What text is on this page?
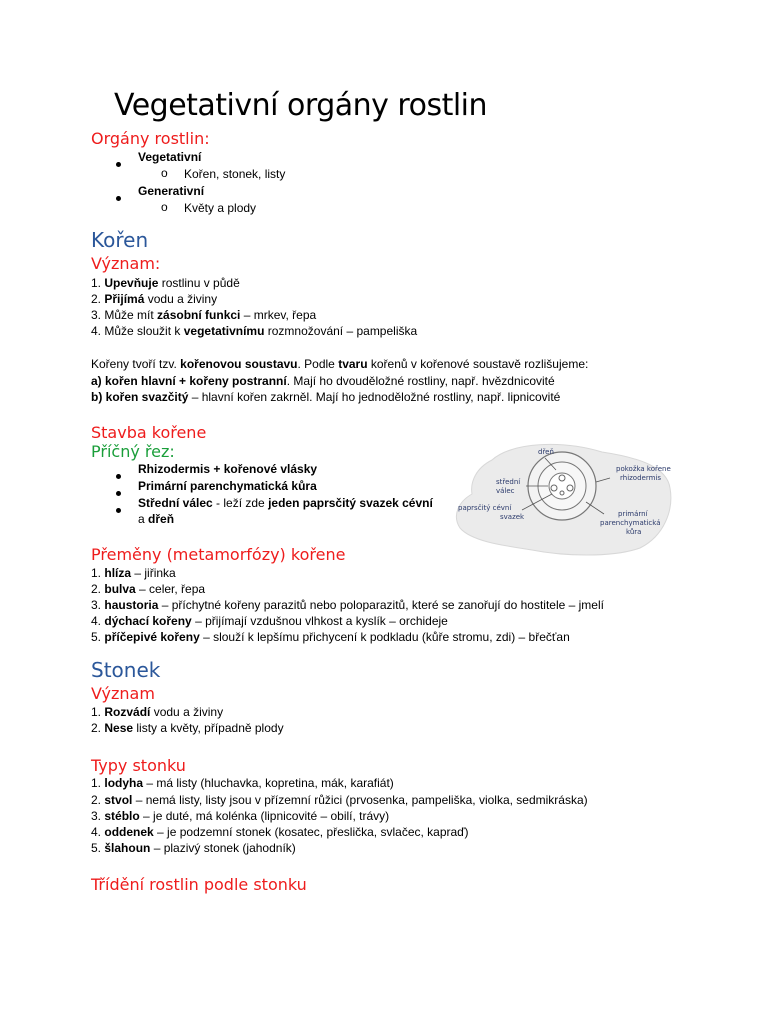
Vegetativní orgány rostlin
Orgány rostlin:
Vegetativní
o Kořen, stonek, listy
Generativní
o Květy a plody
Kořen
Význam:
1. Upevňuje rostlinu v půdě
2. Přijímá vodu a živiny
3. Může mít zásobní funkci – mrkev, řepa
4. Může sloužit k vegetativnímu rozmnožování – pampeliška
Kořeny tvoří tzv. kořenovou soustavu. Podle tvaru kořenů v kořenové soustavě rozlišujeme:
a) kořen hlavní + kořeny postranní. Mají ho dvouděložné rostliny, např. hvězdnicovité
b) kořen svazčitý – hlavní kořen zakrněl. Mají ho jednoděložné rostliny, např. lipnicovité
Stavba kořene
Příčný řez:
Rhizodermis + kořenové vlásky
Primární parenchymatická kůra
Střední válec - leží zde jeden paprsčitý svazek cévní
a dřeň
dřeň
pokožka kořene
rhizodermis
střední
válec
paprsčitý cévní
svazek	primární
parenchymatická
kůra
Přeměny (metamorfózy) kořene
1. hlíza – jiřinka
2. bulva – celer, řepa
3. haustoria – příchytné kořeny parazitů nebo poloparazitů, které se zanořují do hostitele – jmelí
4. dýchací kořeny – přijímají vzdušnou vlhkost a kyslík – orchideje
5. příčepivé kořeny – slouží k lepšímu přichycení k podkladu (kůře stromu, zdi) – břečťan
Stonek
Význam
1. Rozvádí vodu a živiny
2. Nese listy a květy, případně plody
Typy stonku
1. lodyha – má listy (hluchavka, kopretina, mák, karafiát)
2. stvol – nemá listy, listy jsou v přízemní růžici (prvosenka, pampeliška, violka, sedmikráska)
3. stéblo – je duté, má kolénka (lipnicovité – obilí, trávy)
4. oddenek – je podzemní stonek (kosatec, přeslička, svlačec, kapraď)
5. šlahoun – plazivý stonek (jahodník)
Třídění rostlin podle stonku
